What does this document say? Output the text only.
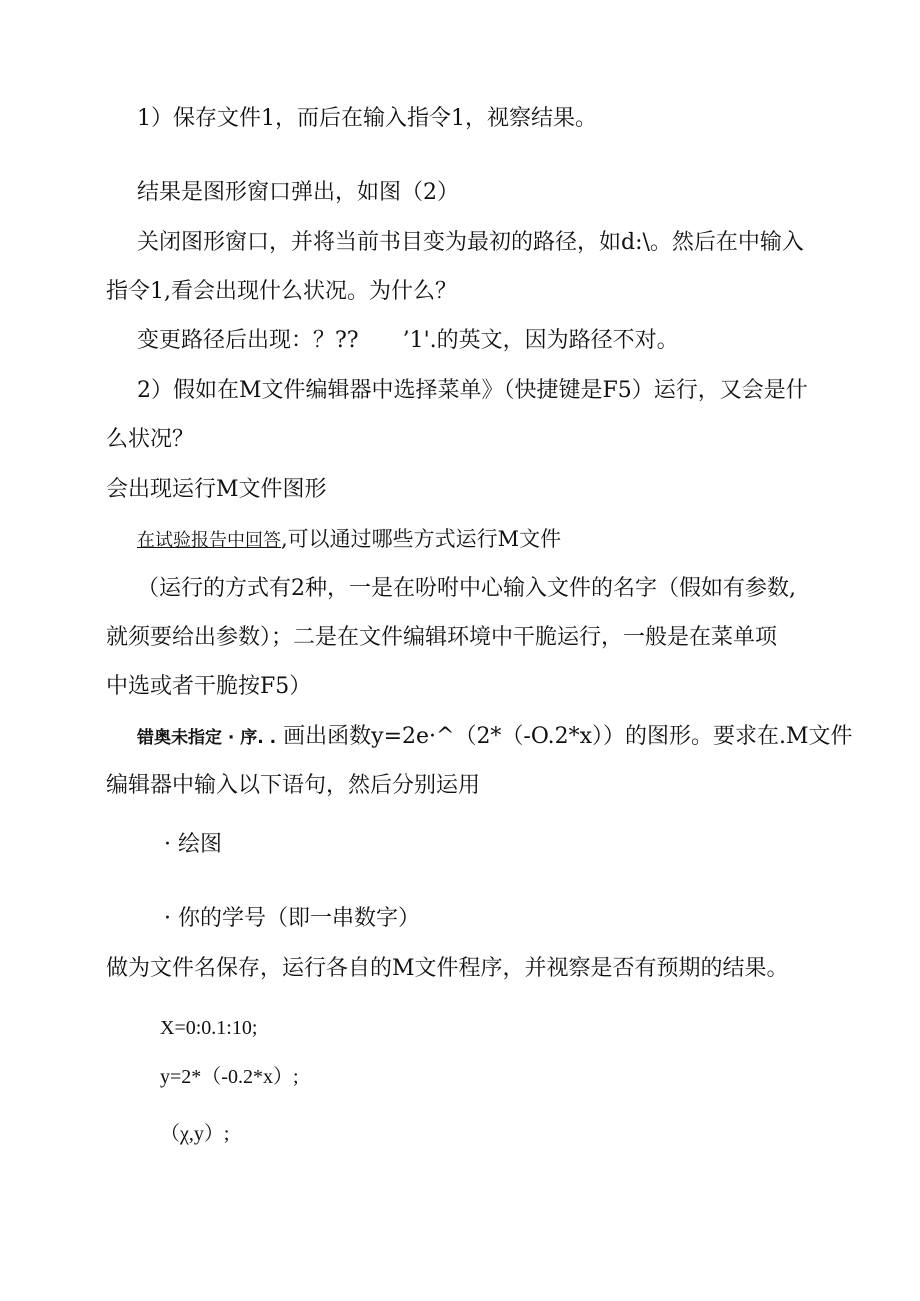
1）保存文件1，而后在输入指令1，视察结果。
结果是图形窗口弹出，如图（2）
关闭图形窗口，并将当前书目变为最初的路径，如d:\。然后在中输入
指令1,看会出现什么状况。为什么？
变更路径后出现：？??　　’1'.的英文，因为路径不对。
2）假如在M文件编辑器中选择菜单》（快捷键是F5）运行，又会是什
么状况？
会出现运行M文件图形
在试验报告中回答,可以通过哪些方式运行M文件
（运行的方式有2种，一是在吩咐中心输入文件的名字（假如有参数,
就须要给出参数）；二是在文件编辑环境中干脆运行，一般是在菜单项
中选或者干脆按F5）
错奥未指定 · 序. . 画出函数y=2e·^（2*（-O.2*x））的图形。要求在.M文件
编辑器中输入以下语句，然后分别运用
· 绘图
· 你的学号（即一串数字）
做为文件名保存，运行各自的M文件程序，并视察是否有预期的结果。
X=0:0.1:10;
y=2*（-0.2*x）;
（χ,y）;
